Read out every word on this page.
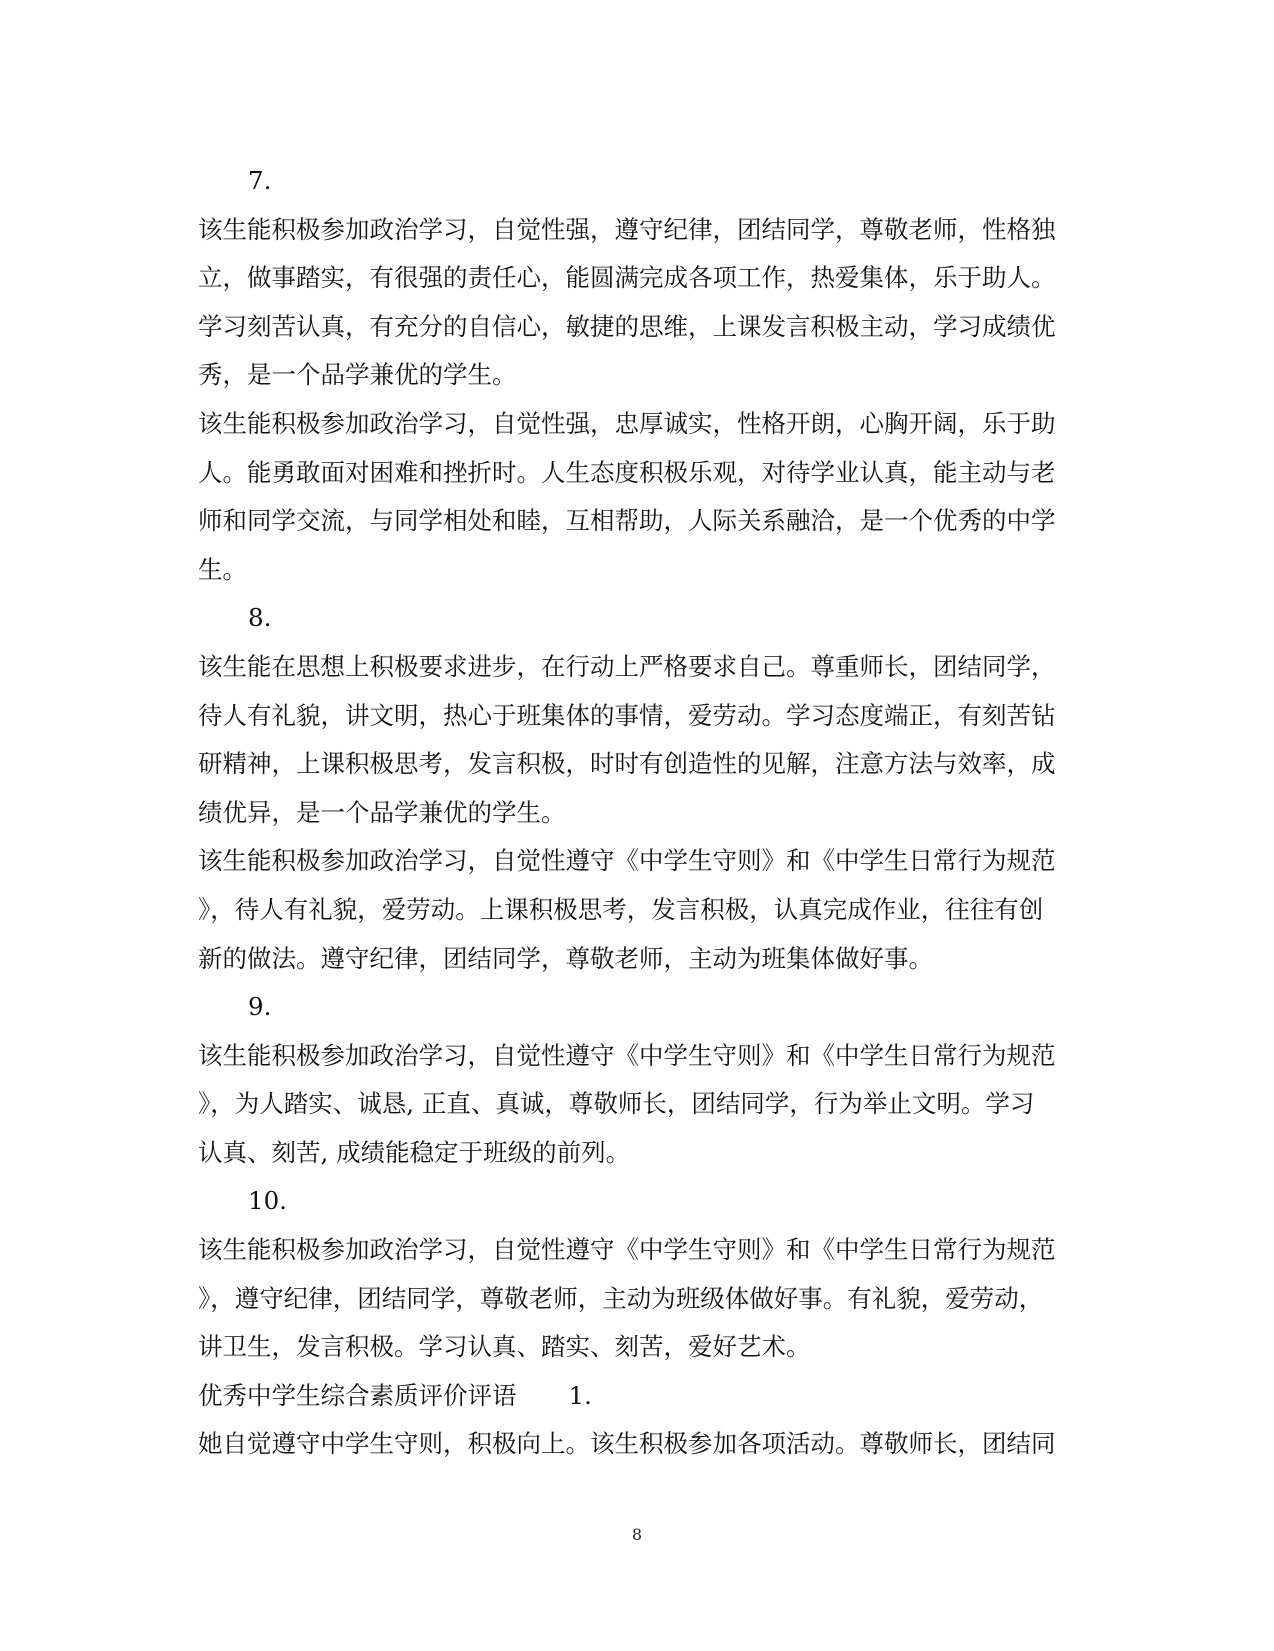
7.
该生能积极参加政治学习，自觉性强，遵守纪律，团结同学，尊敬老师，性格独
立，做事踏实，有很强的责任心，能圆满完成各项工作，热爱集体，乐于助人。
学习刻苦认真，有充分的自信心，敏捷的思维，上课发言积极主动，学习成绩优
秀，是一个品学兼优的学生。
该生能积极参加政治学习，自觉性强，忠厚诚实，性格开朗，心胸开阔，乐于助
人。能勇敢面对困难和挫折时。人生态度积极乐观，对待学业认真，能主动与老
师和同学交流，与同学相处和睦，互相帮助，人际关系融洽，是一个优秀的中学
生。
8.
该生能在思想上积极要求进步，在行动上严格要求自己。尊重师长，团结同学，
待人有礼貌，讲文明，热心于班集体的事情，爱劳动。学习态度端正，有刻苦钻
研精神，上课积极思考，发言积极，时时有创造性的见解，注意方法与效率，成
绩优异，是一个品学兼优的学生。
该生能积极参加政治学习，自觉性遵守《中学生守则》和《中学生日常行为规范
》，待人有礼貌，爱劳动。上课积极思考，发言积极，认真完成作业，往往有创
新的做法。遵守纪律，团结同学，尊敬老师，主动为班集体做好事。
9.
该生能积极参加政治学习，自觉性遵守《中学生守则》和《中学生日常行为规范
》，为人踏实、诚恳, 正直、真诚，尊敬师长，团结同学，行为举止文明。学习
认真、刻苦, 成绩能稳定于班级的前列。
10.
该生能积极参加政治学习，自觉性遵守《中学生守则》和《中学生日常行为规范
》，遵守纪律，团结同学，尊敬老师，主动为班级体做好事。有礼貌，爱劳动，
讲卫生，发言积极。学习认真、踏实、刻苦，爱好艺术。
优秀中学生综合素质评价评语 1.
她自觉遵守中学生守则，积极向上。该生积极参加各项活动。尊敬师长，团结同
8
